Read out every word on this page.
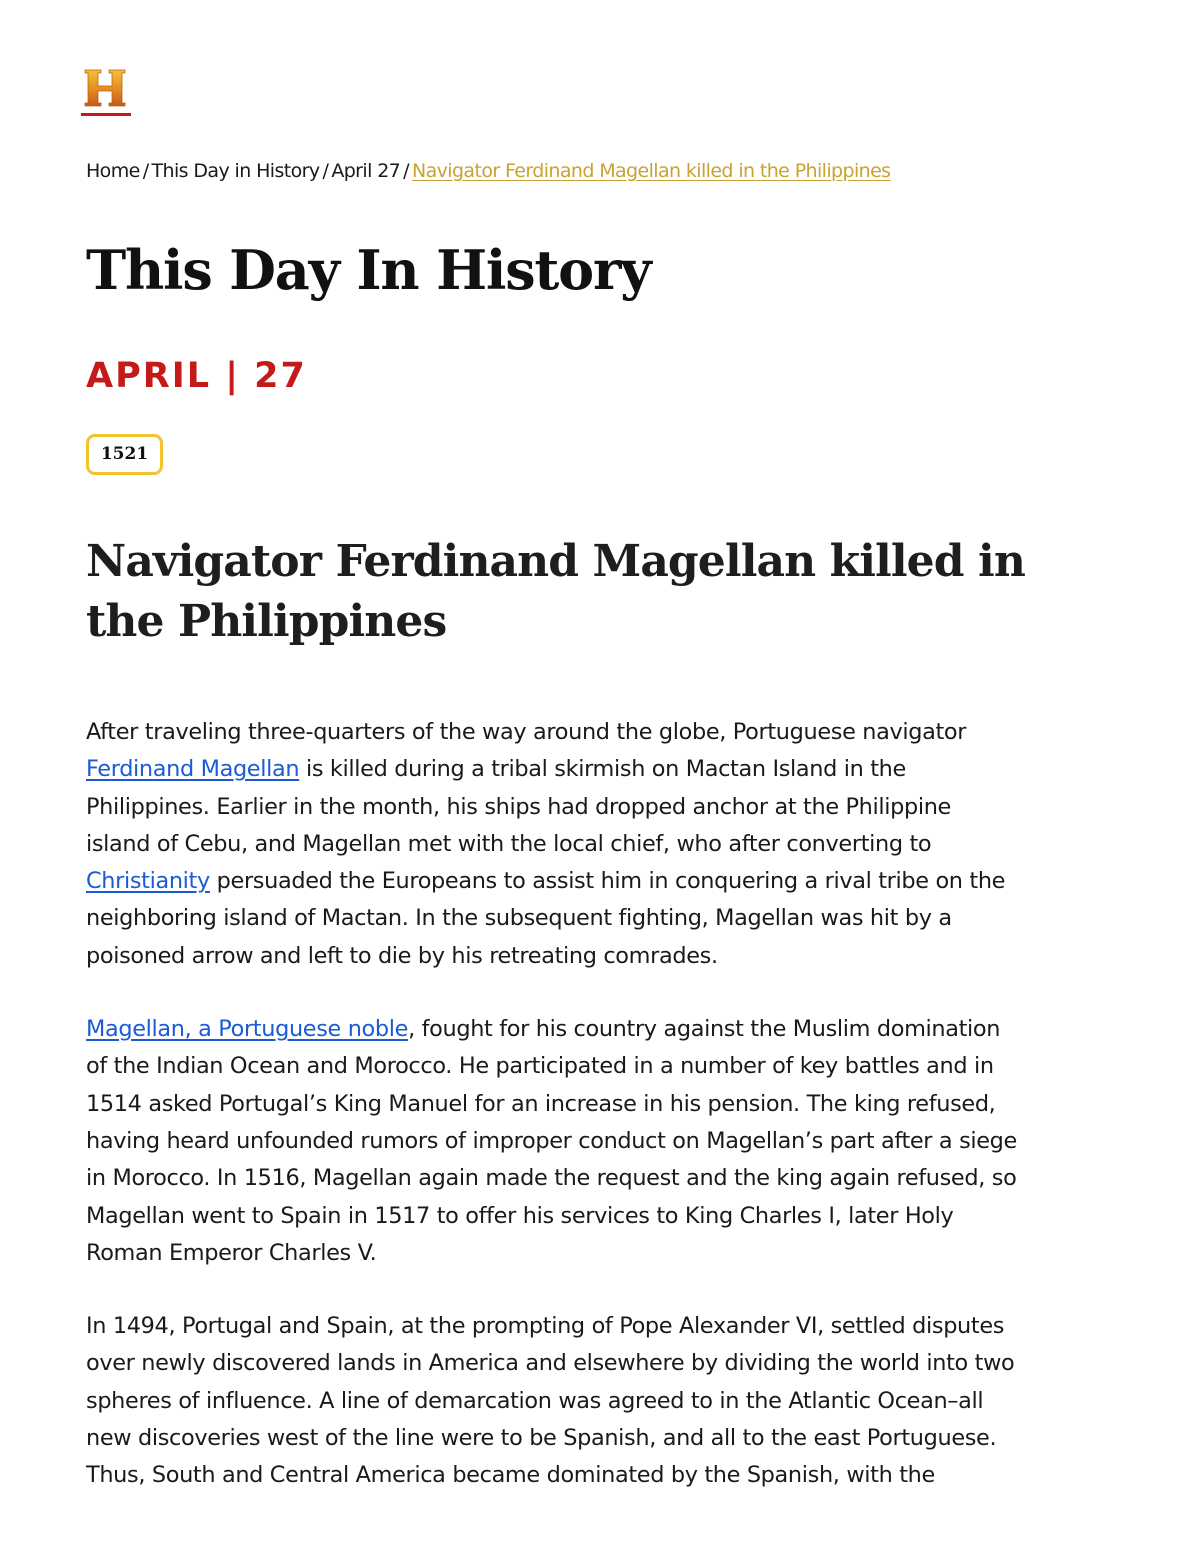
Home / This Day in History / April 27 / Navigator Ferdinand Magellan killed in the Philippines
This Day In History
APRIL | 27
1521
Navigator Ferdinand Magellan killed in
the Philippines

After traveling three-quarters of the way around the globe, Portuguese navigator
Ferdinand Magellan is killed during a tribal skirmish on Mactan Island in the
Philippines. Earlier in the month, his ships had dropped anchor at the Philippine
island of Cebu, and Magellan met with the local chief, who after converting to
Christianity persuaded the Europeans to assist him in conquering a rival tribe on the
neighboring island of Mactan. In the subsequent fighting, Magellan was hit by a
poisoned arrow and left to die by his retreating comrades.

Magellan, a Portuguese noble, fought for his country against the Muslim domination
of the Indian Ocean and Morocco. He participated in a number of key battles and in
1514 asked Portugal’s King Manuel for an increase in his pension. The king refused,
having heard unfounded rumors of improper conduct on Magellan’s part after a siege
in Morocco. In 1516, Magellan again made the request and the king again refused, so
Magellan went to Spain in 1517 to offer his services to King Charles I, later Holy
Roman Emperor Charles V.

In 1494, Portugal and Spain, at the prompting of Pope Alexander VI, settled disputes
over newly discovered lands in America and elsewhere by dividing the world into two
spheres of influence. A line of demarcation was agreed to in the Atlantic Ocean–all
new discoveries west of the line were to be Spanish, and all to the east Portuguese.
Thus, South and Central America became dominated by the Spanish, with the
